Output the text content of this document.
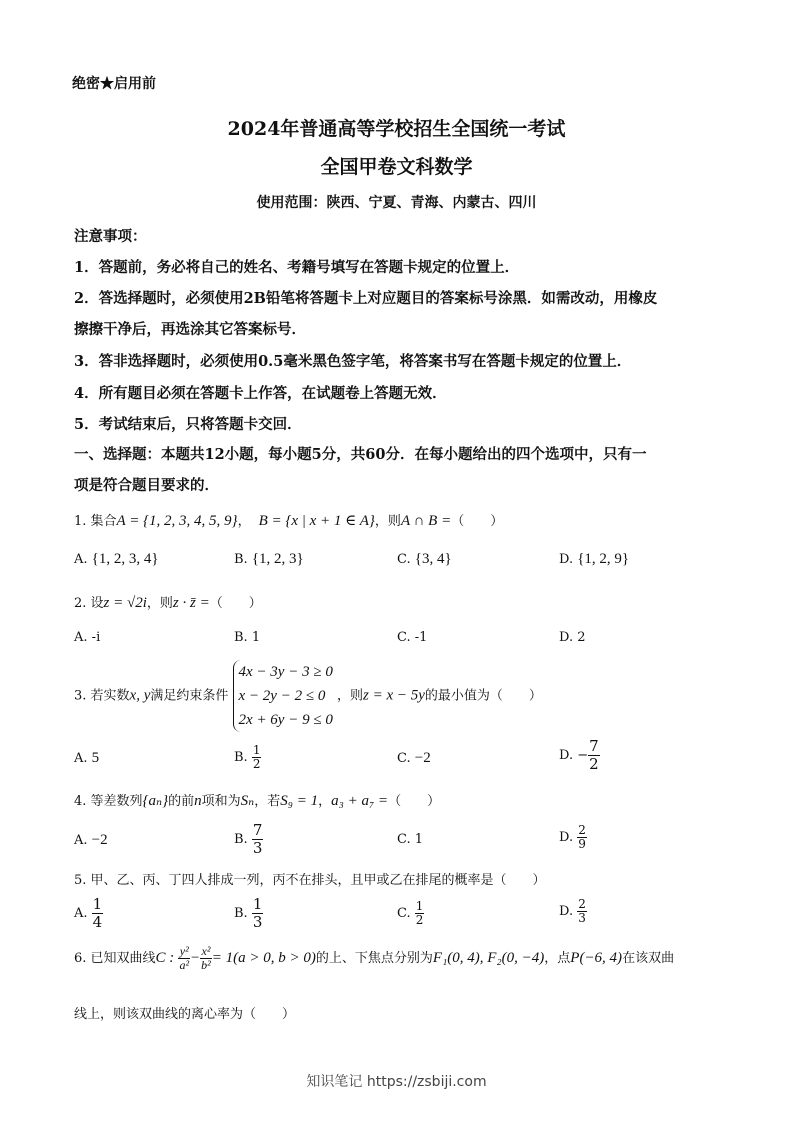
绝密★启用前
2024年普通高等学校招生全国统一考试
全国甲卷文科数学
使用范围：陕西、宁夏、青海、内蒙古、四川
注意事项：
1．答题前，务必将自己的姓名、考籍号填写在答题卡规定的位置上．
2．答选择题时，必须使用2B铅笔将答题卡上对应题目的答案标号涂黑．如需改动，用橡皮
擦擦干净后，再选涂其它答案标号．
3．答非选择题时，必须使用0.5毫米黑色签字笔，将答案书写在答题卡规定的位置上．
4．所有题目必须在答题卡上作答，在试题卷上答题无效．
5．考试结束后，只将答题卡交回．
一、选择题：本题共12小题，每小题5分，共60分．在每小题给出的四个选项中，只有一
项是符合题目要求的．
1. 集合A = {1, 2, 3, 4, 5, 9}， B = {x | x + 1 ∈ A}，则A ∩ B =（　　）
A. {1, 2, 3, 4}	B. {1, 2, 3}	C. {3, 4}	D. {1, 2, 9}
2. 设z = √2i，则z · z̄ =（　　）
A. -i	B. 1	C. -1	D. 2
3. 若实数x, y满足约束条件
4x − 3y − 3 ≥ 0
x − 2y − 2 ≤ 0
2x + 6y − 9 ≤ 0
，则z = x − 5y的最小值为（　　）
A. 5	B. $\frac{1}{2}$	C. −2	D. − $\frac{7}{2}$
4. 等差数列{aₙ}的前n项和为Sₙ，若S₉ = 1，a₃ + a₇ =（　　）
A. −2	B. $\frac{7}{3}$	C. 1	D. $\frac{2}{9}$
5. 甲、乙、丙、丁四人排成一列，丙不在排头，且甲或乙在排尾的概率是（　　）
A. $\frac{1}{4}$	B. $\frac{1}{3}$	C. $\frac{1}{2}$	D. $\frac{2}{3}$
6. 已知双曲线C : $\frac{\text{y²}}{\text{a²}} - \frac{\text{x²}}{\text{b²}} = 1(a > 0$, b > 0)的上、下焦点分别为F₁(0, 4), F₂(0, −4)，点P(−6, 4)在该双曲
线上，则该双曲线的离心率为（　　）
知识笔记 https://zsbiji.com
